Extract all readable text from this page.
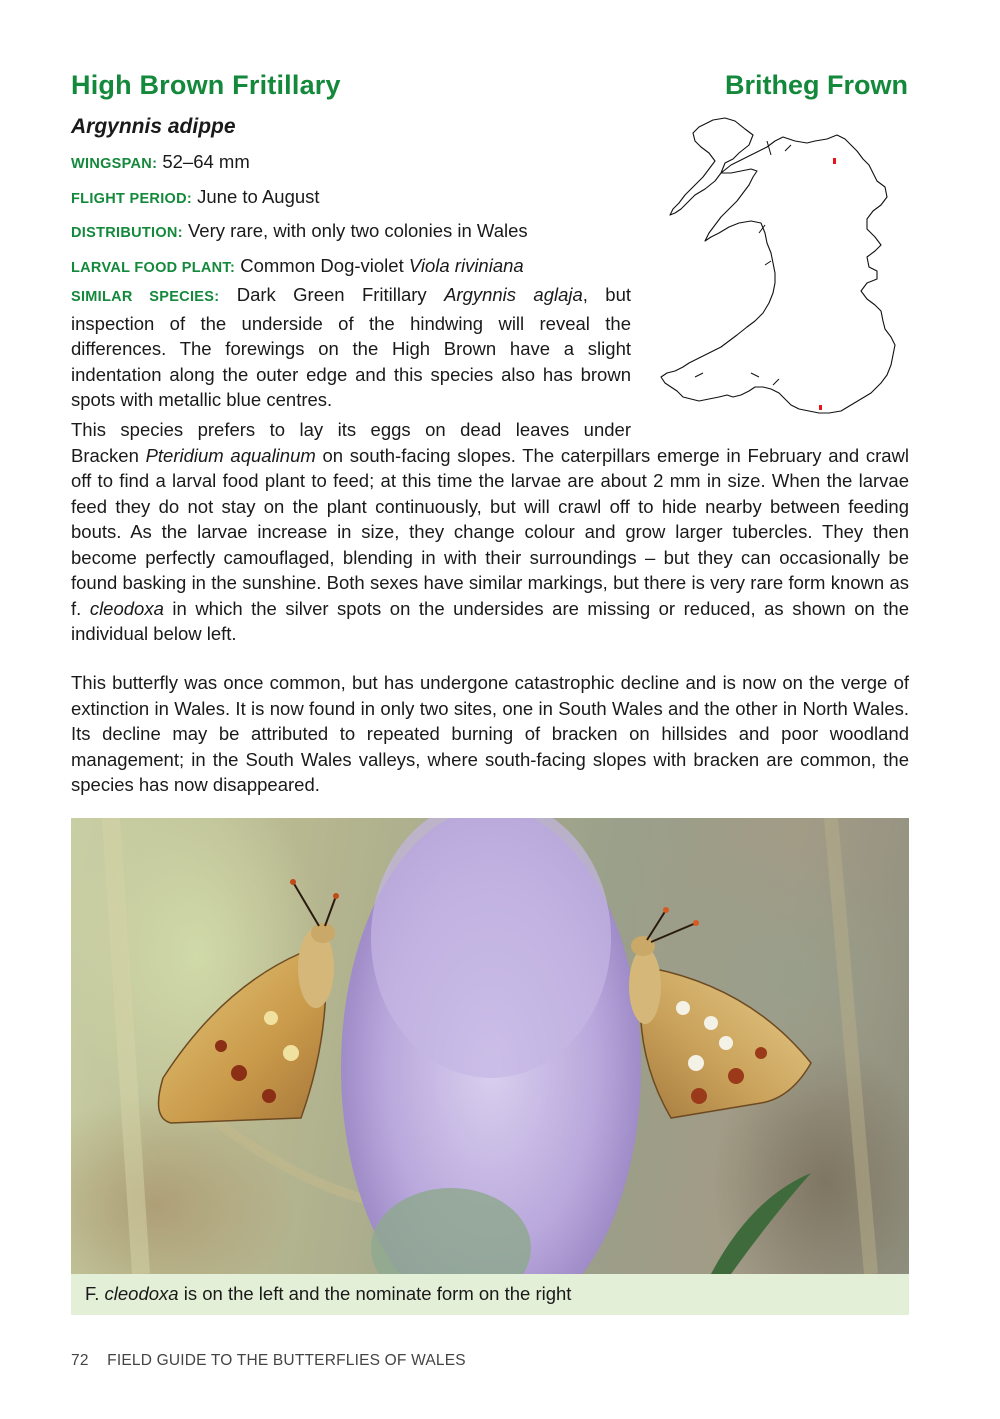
High Brown Fritillary	Britheg Frown
Argynnis adippe
WINGSPAN: 52–64 mm
FLIGHT PERIOD: June to August
DISTRIBUTION: Very rare, with only two colonies in Wales
LARVAL FOOD PLANT: Common Dog-violet Viola riviniana

SIMILAR SPECIES: Dark Green Fritillary Argynnis aglaja, but inspection of the underside of the hindwing will reveal the differences. The forewings on the High Brown have a slight indentation along the outer edge and this species also has brown spots with metallic blue centres.

This species prefers to lay its eggs on dead leaves under
Bracken Pteridium aqualinum on south-facing slopes. The caterpillars emerge in February and crawl off to find a larval food plant to feed; at this time the larvae are about 2 mm in size. When the larvae feed they do not stay on the plant continuously, but will crawl off to hide nearby between feeding bouts. As the larvae increase in size, they change colour and grow larger tubercles. They then become perfectly camouflaged, blending in with their surroundings – but they can occasionally be found basking in the sunshine. Both sexes have similar markings, but there is very rare form known as f. cleodoxa in which the silver spots on the undersides are missing or reduced, as shown on the individual below left.

This butterfly was once common, but has undergone catastrophic decline and is now on the verge of extinction in Wales. It is now found in only two sites, one in South Wales and the other in North Wales. Its decline may be attributed to repeated burning of bracken on hillsides and poor woodland management; in the South Wales valleys, where south-facing slopes with bracken are common, the species has now disappeared.

F. cleodoxa is on the left and the nominate form on the right
72 FIELD GUIDE TO THE BUTTERFLIES OF WALES
